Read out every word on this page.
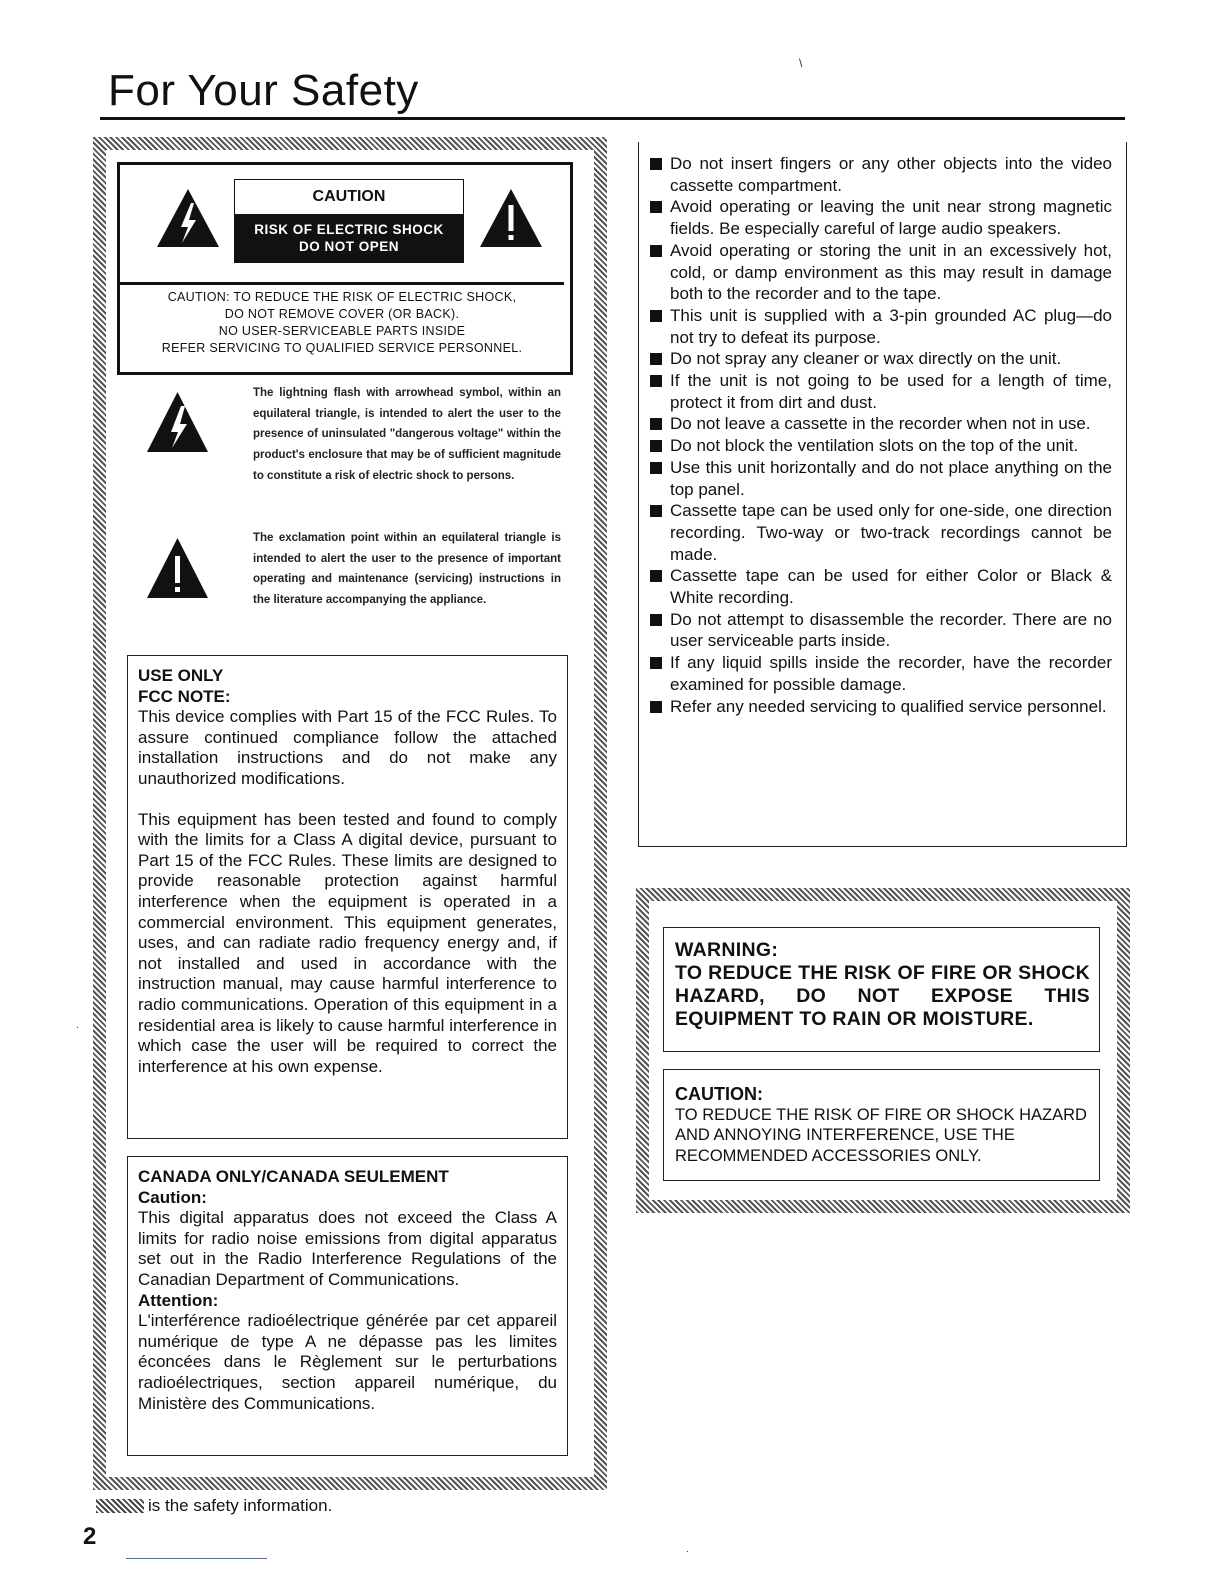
For Your Safety
\
CAUTION
RISK OF ELECTRIC SHOCK
DO NOT OPEN
CAUTION: TO REDUCE THE RISK OF ELECTRIC SHOCK,
DO NOT REMOVE COVER (OR BACK).
NO USER-SERVICEABLE PARTS INSIDE
REFER SERVICING TO QUALIFIED SERVICE PERSONNEL.
The lightning flash with arrowhead symbol, within an equilateral triangle, is intended to alert the user to the presence of uninsulated "dangerous voltage" within the product's enclosure that may be of sufficient magnitude to constitute a risk of electric shock to persons.
The exclamation point within an equilateral triangle is intended to alert the user to the presence of important operating and maintenance (servicing) instructions in the literature accompanying the appliance.
USE ONLY
FCC NOTE:
This device complies with Part 15 of the FCC Rules. To assure continued compliance follow the attached installation instructions and do not make any unauthorized modifications.
This equipment has been tested and found to comply with the limits for a Class A digital device, pursuant to Part 15 of the FCC Rules. These limits are designed to provide reasonable protection against harmful interference when the equipment is operated in a commercial environment. This equipment generates, uses, and can radiate radio frequency energy and, if not installed and used in accordance with the instruction manual, may cause harmful interference to radio communications. Operation of this equipment in a residential area is likely to cause harmful interference in which case the user will be required to correct the interference at his own expense.
CANADA ONLY/CANADA SEULEMENT
Caution:
This digital apparatus does not exceed the Class A limits for radio noise emissions from digital apparatus set out in the Radio Interference Regulations of the Canadian Department of Communications.
Attention:
L'interférence radioélectrique générée par cet appareil numérique de type A ne dépasse pas les limites éconcées dans le Règlement sur le perturbations radioélectriques, section appareil numérique, du Ministère des Communications.
.
Do not insert fingers or any other objects into the video cassette compartment.
Avoid operating or leaving the unit near strong magnetic fields. Be especially careful of large audio speakers.
Avoid operating or storing the unit in an excessively hot, cold, or damp environment as this may result in damage both to the recorder and to the tape.
This unit is supplied with a 3-pin grounded AC plug—do not try to defeat its purpose.
Do not spray any cleaner or wax directly on the unit.
If the unit is not going to be used for a length of time, protect it from dirt and dust.
Do not leave a cassette in the recorder when not in use.
Do not block the ventilation slots on the top of the unit.
Use this unit horizontally and do not place anything on the top panel.
Cassette tape can be used only for one-side, one direction recording. Two-way or two-track recordings cannot be made.
Cassette tape can be used for either Color or Black & White recording.
Do not attempt to disassemble the recorder. There are no user serviceable parts inside.
If any liquid spills inside the recorder, have the recorder examined for possible damage.
Refer any needed servicing to qualified service personnel.
WARNING:
TO REDUCE THE RISK OF FIRE OR SHOCK HAZARD, DO NOT EXPOSE THIS EQUIPMENT TO RAIN OR MOISTURE.
CAUTION:
TO REDUCE THE RISK OF FIRE OR SHOCK HAZARD AND ANNOYING INTERFERENCE, USE THE RECOMMENDED ACCESSORIES ONLY.
is the safety information.
2	.
